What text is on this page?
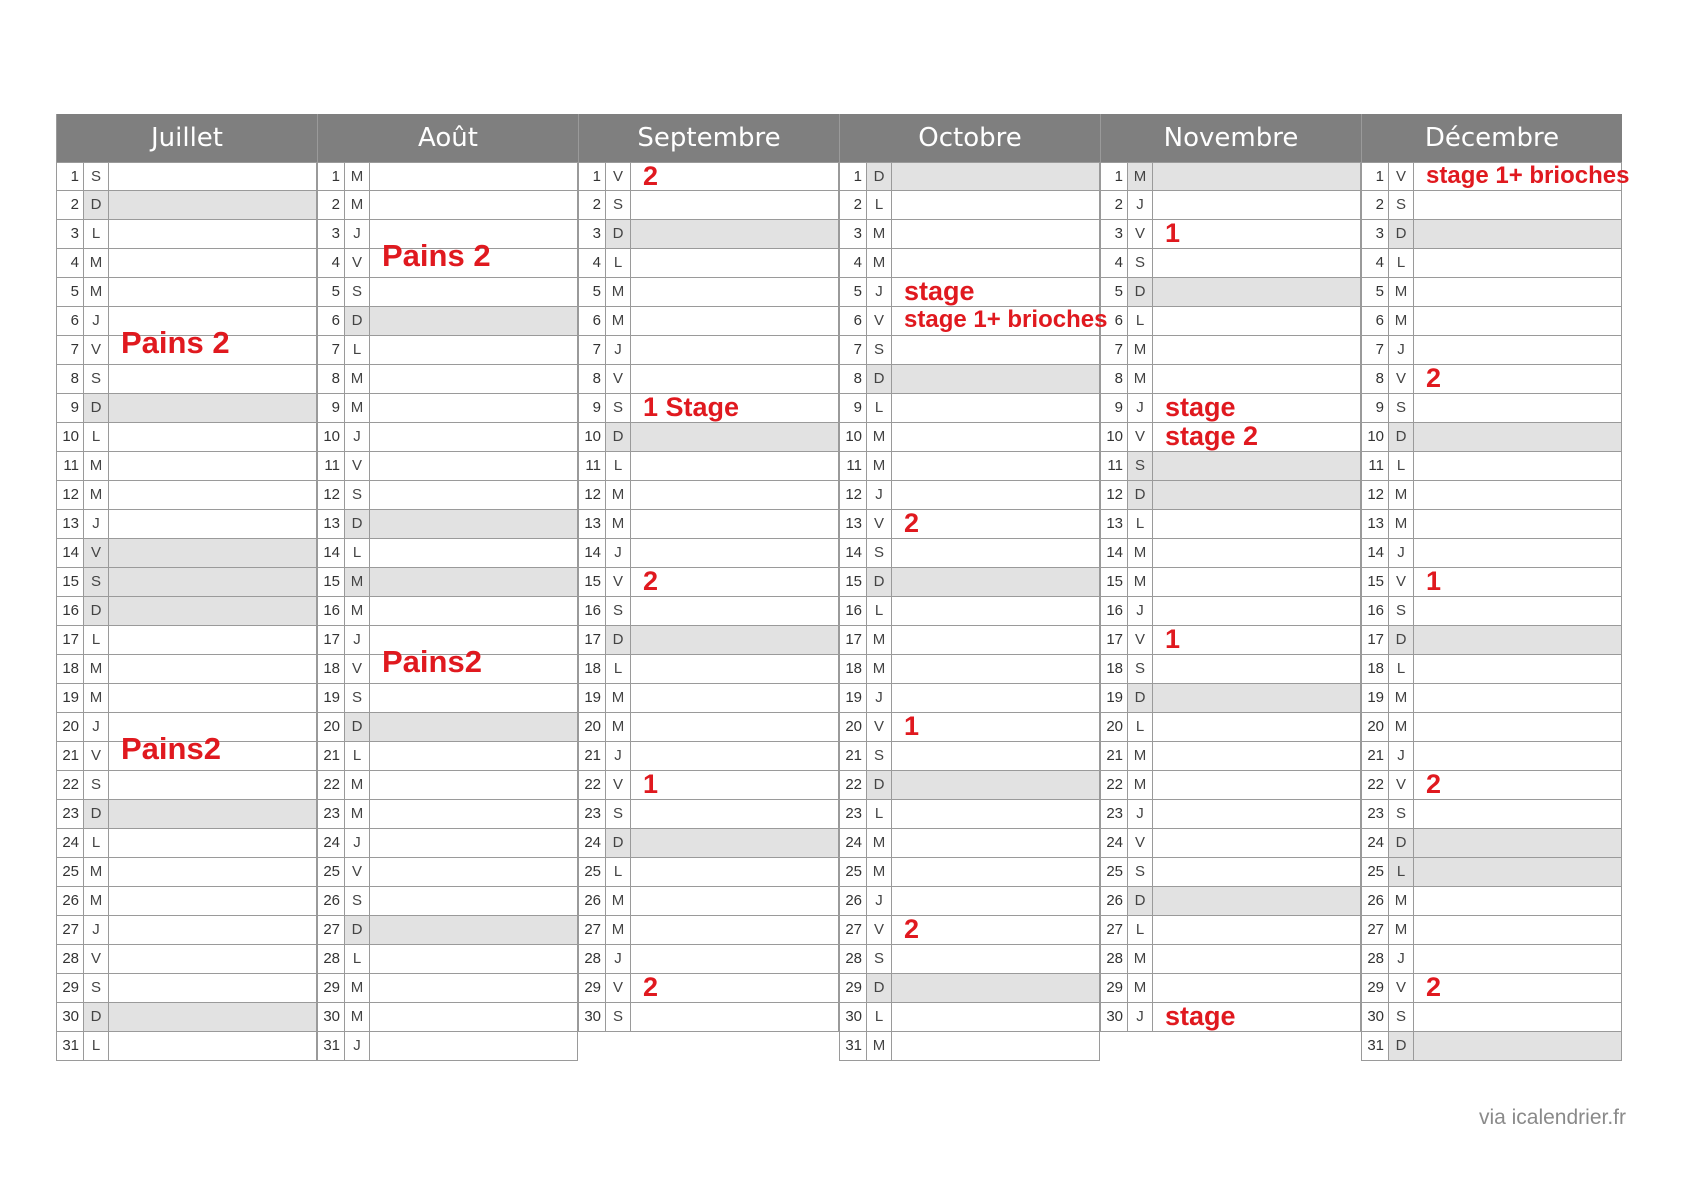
Juillet
1 S
2 D
3 L
4 M
5 M
6 J
7 V Pains 2
8 S
9 D
10 L
11 M
12 M
13 J
14 V
15 S
16 D
17 L
18 M
19 M
20 J
21 V Pains2
22 S
23 D
24 L
25 M
26 M
27 J
28 V
29 S
30 D
31 L
Août
1 M
2 M
3 J
4 V Pains 2
5 S
6 D
7 L
8 M
9 M
10 J
11 V
12 S
13 D
14 L
15 M
16 M
17 J
18 V Pains2
19 S
20 D
21 L
22 M
23 M
24 J
25 V
26 S
27 D
28 L
29 M
30 M
31 J
Septembre
1 V 2
2 S
3 D
4 L
5 M
6 M
7 J
8 V
9 S 1 Stage
10 D
11 L
12 M
13 M
14 J
15 V 2
16 S
17 D
18 L
19 M
20 M
21 J
22 V 1
23 S
24 D
25 L
26 M
27 M
28 J
29 V 2
30 S
Octobre
1 D
2 L
3 M
4 M
5 J stage
6 V stage 1+ brioches
7 S
8 D
9 L
10 M
11 M
12 J
13 V 2
14 S
15 D
16 L
17 M
18 M
19 J
20 V 1
21 S
22 D
23 L
24 M
25 M
26 J
27 V 2
28 S
29 D
30 L
31 M
Novembre
1 M
2 J
3 V 1
4 S
5 D
6 L
7 M
8 M
9 J stage
10 V stage 2
11 S
12 D
13 L
14 M
15 M
16 J
17 V 1
18 S
19 D
20 L
21 M
22 M
23 J
24 V
25 S
26 D
27 L
28 M
29 M
30 J stage
Décembre
1 V stage 1+ brioches
2 S
3 D
4 L
5 M
6 M
7 J
8 V 2
9 S
10 D
11 L
12 M
13 M
14 J
15 V 1
16 S
17 D
18 L
19 M
20 M
21 J
22 V 2
23 S
24 D
25 L
26 M
27 M
28 J
29 V 2
30 S
31 D
via icalendrier.fr
